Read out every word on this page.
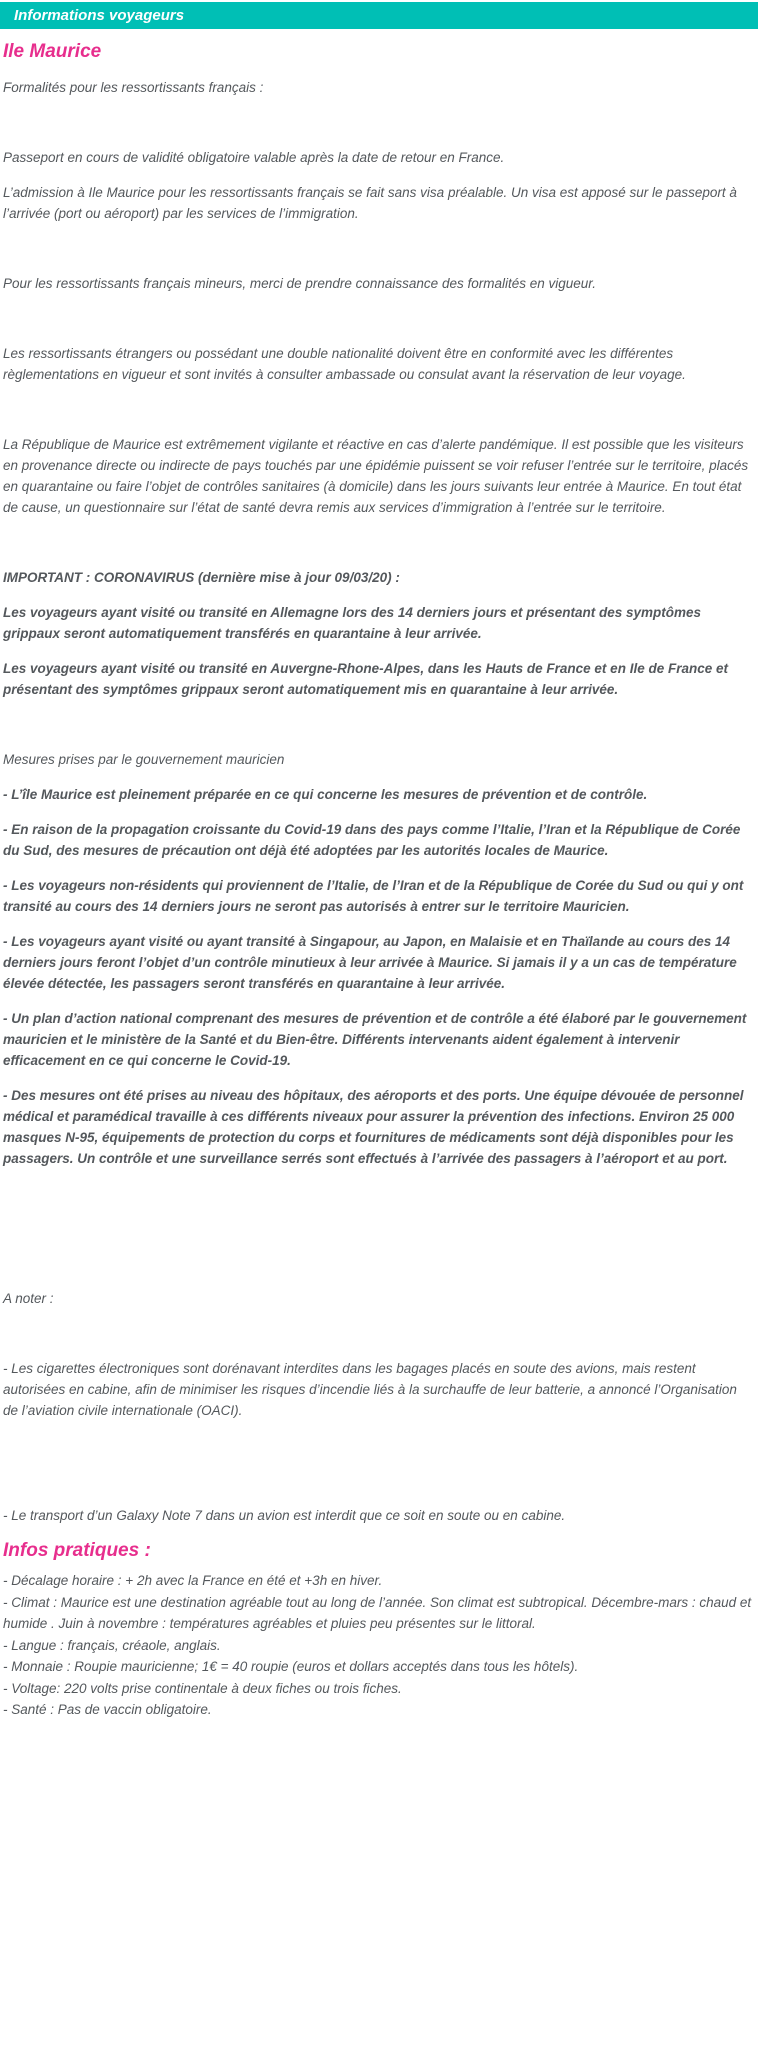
Informations voyageurs
Ile Maurice

Formalités pour les ressortissants français :

Passeport en cours de validité obligatoire valable après la date de retour en France.

L’admission à Ile Maurice pour les ressortissants français se fait sans visa préalable. Un visa est apposé sur le passeport à l’arrivée (port ou aéroport) par les services de l’immigration.

Pour les ressortissants français mineurs, merci de prendre connaissance des formalités en vigueur.

Les ressortissants étrangers ou possédant une double nationalité doivent être en conformité avec les différentes règlementations en vigueur et sont invités à consulter ambassade ou consulat avant la réservation de leur voyage.

La République de Maurice est extrêmement vigilante et réactive en cas d’alerte pandémique. Il est possible que les visiteurs en provenance directe ou indirecte de pays touchés par une épidémie puissent se voir refuser l’entrée sur le territoire, placés en quarantaine ou faire l’objet de contrôles sanitaires (à domicile) dans les jours suivants leur entrée à Maurice. En tout état de cause, un questionnaire sur l’état de santé devra remis aux services d’immigration à l’entrée sur le territoire.

IMPORTANT : CORONAVIRUS (dernière mise à jour 09/03/20) :

Les voyageurs ayant visité ou transité en Allemagne lors des 14 derniers jours et présentant des symptômes grippaux seront automatiquement transférés en quarantaine à leur arrivée.

Les voyageurs ayant visité ou transité en Auvergne-Rhone-Alpes, dans les Hauts de France et en Ile de France et présentant des symptômes grippaux seront automatiquement mis en quarantaine à leur arrivée.

Mesures prises par le gouvernement mauricien

- L’île Maurice est pleinement préparée en ce qui concerne les mesures de prévention et de contrôle.

- En raison de la propagation croissante du Covid-19 dans des pays comme l’Italie, l’Iran et la République de Corée du Sud, des mesures de précaution ont déjà été adoptées par les autorités locales de Maurice.

- Les voyageurs non-résidents qui proviennent de l’Italie, de l’Iran et de la République de Corée du Sud ou qui y ont transité au cours des 14 derniers jours ne seront pas autorisés à entrer sur le territoire Mauricien.

- Les voyageurs ayant visité ou ayant transité à Singapour, au Japon, en Malaisie et en Thaïlande au cours des 14 derniers jours feront l’objet d’un contrôle minutieux à leur arrivée à Maurice. Si jamais il y a un cas de température élevée détectée, les passagers seront transférés en quarantaine à leur arrivée.

- Un plan d’action national comprenant des mesures de prévention et de contrôle a été élaboré par le gouvernement mauricien et le ministère de la Santé et du Bien-être. Différents intervenants aident également à intervenir efficacement en ce qui concerne le Covid-19.

- Des mesures ont été prises au niveau des hôpitaux, des aéroports et des ports. Une équipe dévouée de personnel médical et paramédical travaille à ces différents niveaux pour assurer la prévention des infections. Environ 25 000 masques N-95, équipements de protection du corps et fournitures de médicaments sont déjà disponibles pour les passagers. Un contrôle et une surveillance serrés sont effectués à l’arrivée des passagers à l’aéroport et au port.

A noter :

- Les cigarettes électroniques sont dorénavant interdites dans les bagages placés en soute des avions, mais restent autorisées en cabine, afin de minimiser les risques d’incendie liés à la surchauffe de leur batterie, a annoncé l’Organisation de l’aviation civile internationale (OACI).

- Le transport d’un Galaxy Note 7 dans un avion est interdit que ce soit en soute ou en cabine.

Infos pratiques :

- Décalage horaire : + 2h avec la France en été et +3h en hiver.

- Climat : Maurice est une destination agréable tout au long de l’année. Son climat est subtropical. Décembre-mars : chaud et humide . Juin à novembre : températures agréables et pluies peu présentes sur le littoral.

- Langue : français, créaole, anglais.

- Monnaie : Roupie mauricienne; 1€ = 40 roupie (euros et dollars acceptés dans tous les hôtels).

- Voltage: 220 volts prise continentale à deux fiches ou trois fiches.

- Santé : Pas de vaccin obligatoire.
